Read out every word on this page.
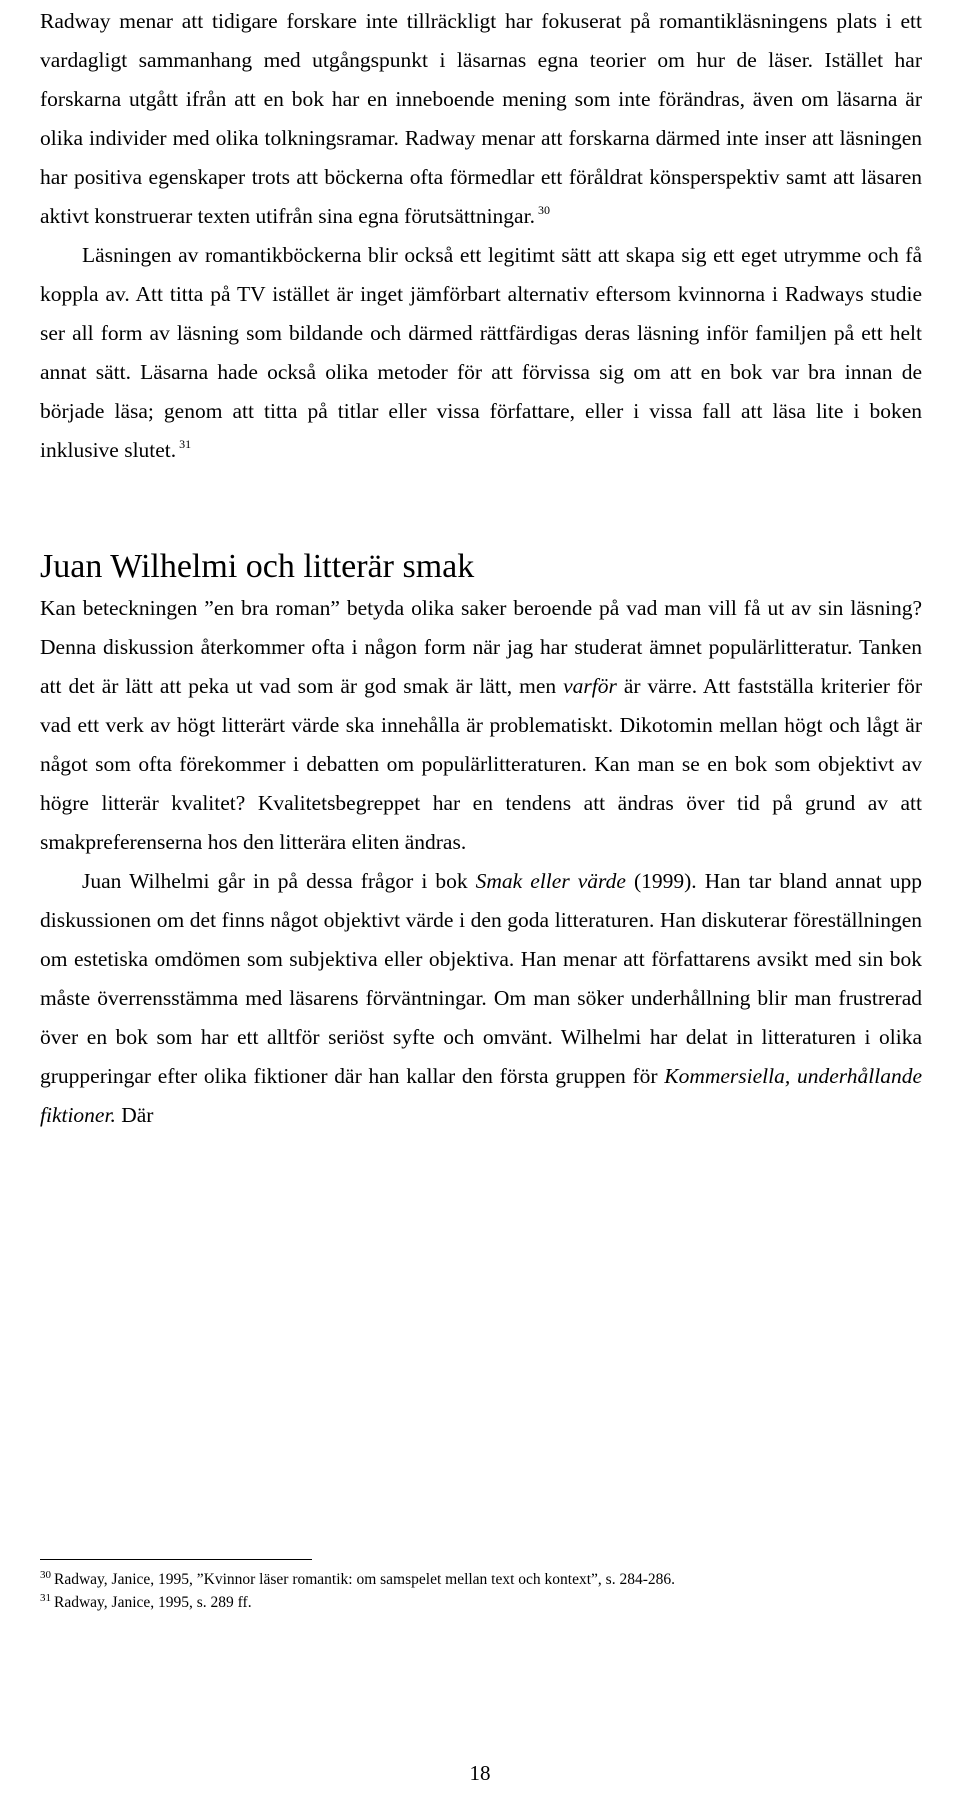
Radway menar att tidigare forskare inte tillräckligt har fokuserat på romantikläsningens plats i ett vardagligt sammanhang med utgångspunkt i läsarnas egna teorier om hur de läser. Istället har forskarna utgått ifrån att en bok har en inneboende mening som inte förändras, även om läsarna är olika individer med olika tolkningsramar. Radway menar att forskarna därmed inte inser att läsningen har positiva egenskaper trots att böckerna ofta förmedlar ett föråldrat könsperspektiv samt att läsaren aktivt konstruerar texten utifrån sina egna förutsättningar. $^{30}$

Läsningen av romantikböckerna blir också ett legitimt sätt att skapa sig ett eget utrymme och få koppla av. Att titta på TV istället är inget jämförbart alternativ eftersom kvinnorna i Radways studie ser all form av läsning som bildande och därmed rättfärdigas deras läsning inför familjen på ett helt annat sätt. Läsarna hade också olika metoder för att förvissa sig om att en bok var bra innan de började läsa; genom att titta på titlar eller vissa författare, eller i vissa fall att läsa lite i boken inklusive slutet. $^{31}$

Juan Wilhelmi och litterär smak

Kan beteckningen ”en bra roman” betyda olika saker beroende på vad man vill få ut av sin läsning? Denna diskussion återkommer ofta i någon form när jag har studerat ämnet populärlitteratur. Tanken att det är lätt att peka ut vad som är god smak är lätt, men varför är värre. Att fastställa kriterier för vad ett verk av högt litterärt värde ska innehålla är problematiskt. Dikotomin mellan högt och lågt är något som ofta förekommer i debatten om populärlitteraturen. Kan man se en bok som objektivt av högre litterär kvalitet? Kvalitetsbegreppet har en tendens att ändras över tid på grund av att smakpreferenserna hos den litterära eliten ändras.

Juan Wilhelmi går in på dessa frågor i bok Smak eller värde (1999). Han tar bland annat upp diskussionen om det finns något objektivt värde i den goda litteraturen. Han diskuterar föreställningen om estetiska omdömen som subjektiva eller objektiva. Han menar att författarens avsikt med sin bok måste överrensstämma med läsarens förväntningar. Om man söker underhållning blir man frustrerad över en bok som har ett alltför seriöst syfte och omvänt. Wilhelmi har delat in litteraturen i olika grupperingar efter olika fiktioner där han kallar den första gruppen för Kommersiella, underhållande fiktioner. Där

$^{30}$ Radway, Janice, 1995, ”Kvinnor läser romantik: om samspelet mellan text och kontext”, s. 284-286.
$^{31}$ Radway, Janice, 1995, s. 289 ff.
18
